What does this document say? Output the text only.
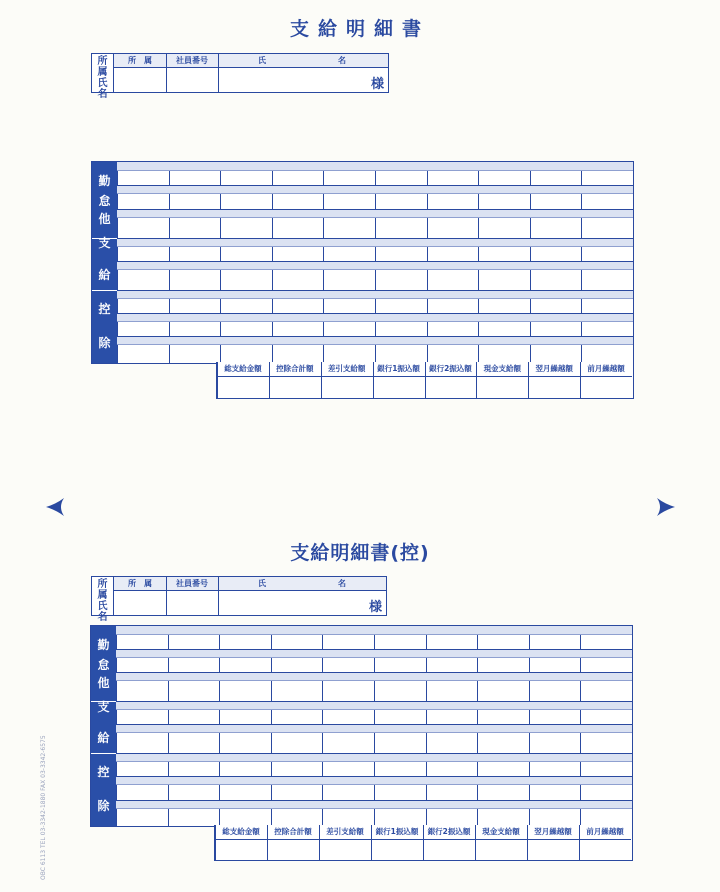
支給明細書
所属氏名
所　属	社員番号	氏	名
様
勤
怠
他
支
給
控
除
総支給金額	控除合計額	差引支給額	銀行1振込額	銀行2振込額	現金支給額	翌月繰越額	前月繰越額
支給明細書(控)
所属氏名
所　属	社員番号	氏	名
様
勤
怠
他
支
給
控
除
総支給金額	控除合計額	差引支給額	銀行1振込額	銀行2振込額	現金支給額	翌月繰越額	前月繰越額
OBC 6113 TEL 03-3342-1880 FAX 03-3342-6575
